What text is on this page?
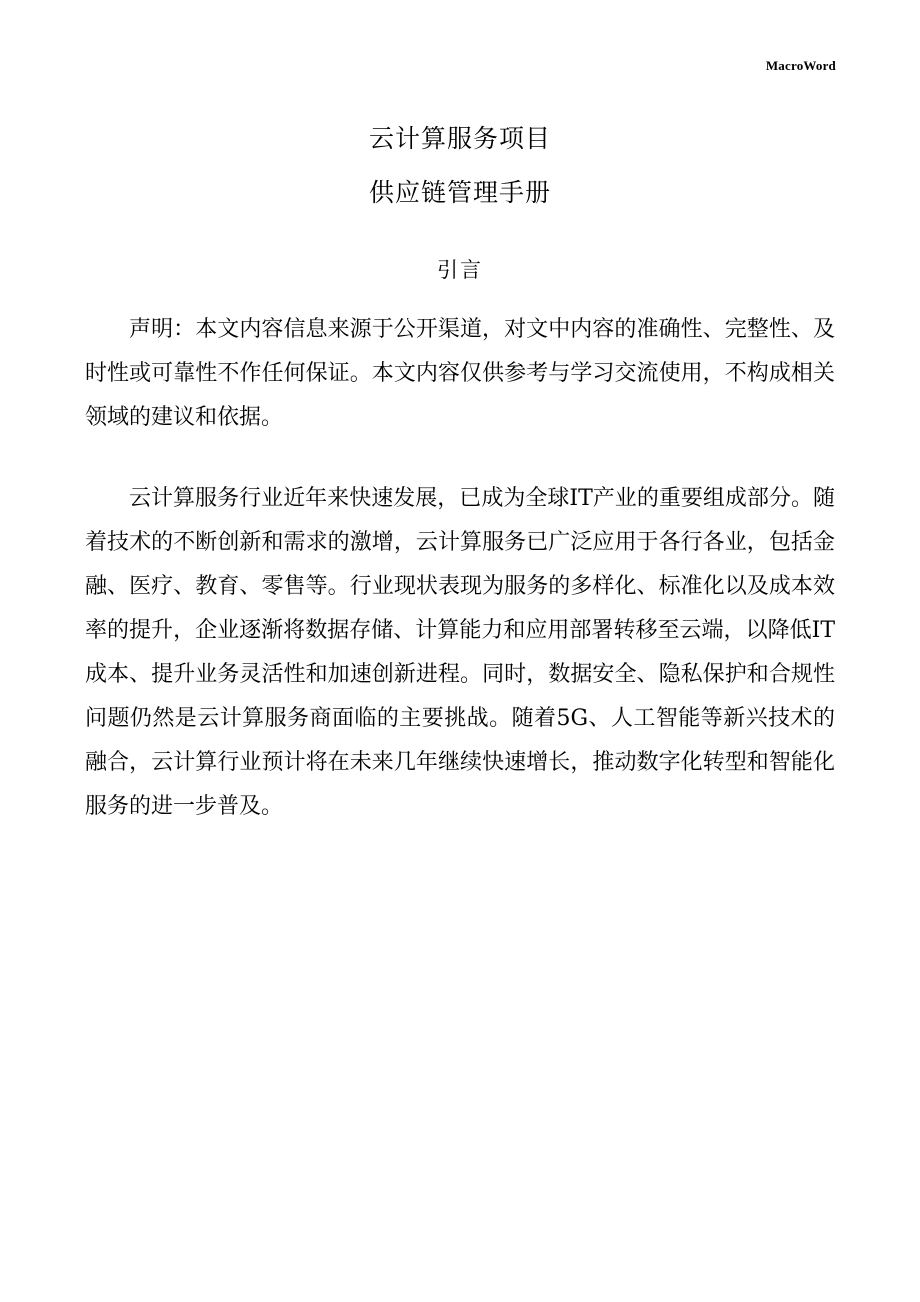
MacroWord
云计算服务项目
供应链管理手册
引言

声明：本文内容信息来源于公开渠道，对文中内容的准确性、完整性、及时性或可靠性不作任何保证。本文内容仅供参考与学习交流使用，不构成相关领域的建议和依据。

云计算服务行业近年来快速发展，已成为全球IT产业的重要组成部分。随着技术的不断创新和需求的激增，云计算服务已广泛应用于各行各业，包括金融、医疗、教育、零售等。行业现状表现为服务的多样化、标准化以及成本效率的提升，企业逐渐将数据存储、计算能力和应用部署转移至云端，以降低IT成本、提升业务灵活性和加速创新进程。同时，数据安全、隐私保护和合规性问题仍然是云计算服务商面临的主要挑战。随着5G、人工智能等新兴技术的融合，云计算行业预计将在未来几年继续快速增长，推动数字化转型和智能化服务的进一步普及。
